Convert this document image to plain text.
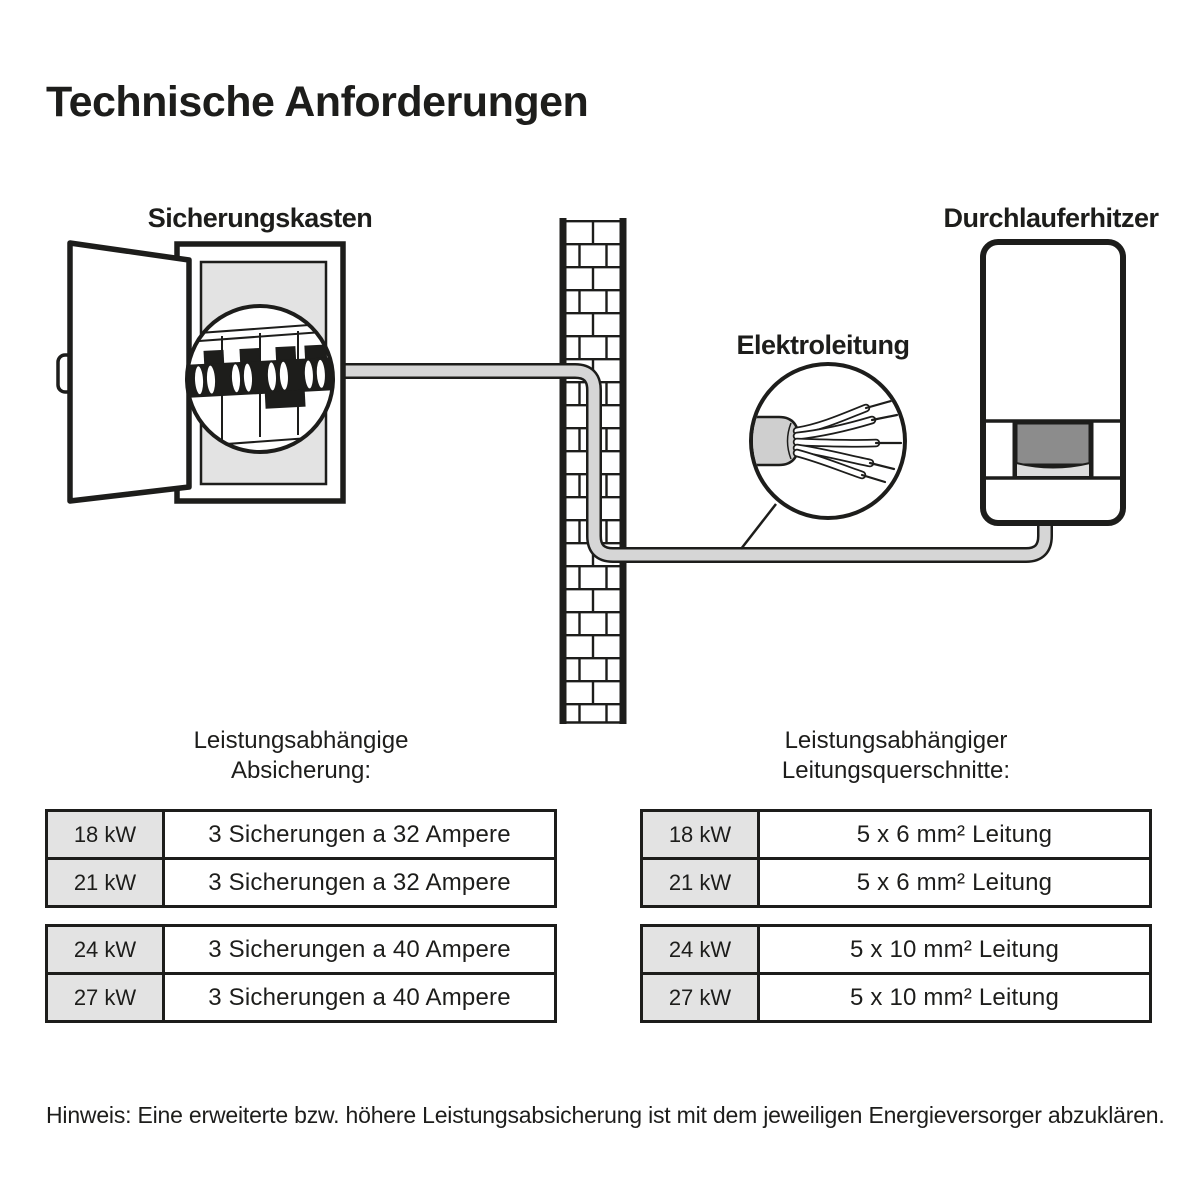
Technische Anforderungen
Sicherungskasten	Durchlauferhitzer
Elektroleitung
Leistungsabhängige
Absicherung:
Leistungsabhängiger
Leitungsquerschnitte:
18 kW	3 Sicherungen a 32 Ampere
21 kW	3 Sicherungen a 32 Ampere
24 kW	3 Sicherungen a 40 Ampere
27 kW	3 Sicherungen a 40 Ampere
18 kW	5 x 6 mm² Leitung
21 kW	5 x 6 mm² Leitung
24 kW	5 x 10 mm² Leitung
27 kW	5 x 10 mm² Leitung
Hinweis: Eine erweiterte bzw. höhere Leistungsabsicherung ist mit dem jeweiligen Energieversorger abzuklären.
